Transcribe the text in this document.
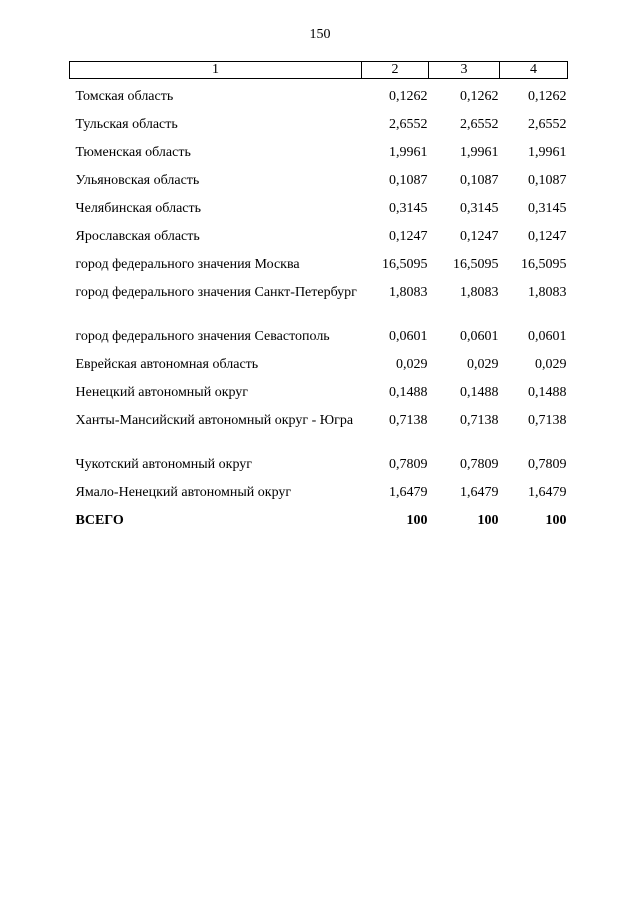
150
1	2	3	4
Томская область	0,1262	0,1262	0,1262
Тульская область	2,6552	2,6552	2,6552
Тюменская область	1,9961	1,9961	1,9961
Ульяновская область	0,1087	0,1087	0,1087
Челябинская область	0,3145	0,3145	0,3145
Ярославская область	0,1247	0,1247	0,1247
город федерального значения Москва	16,5095	16,5095	16,5095
город федерального значения Санкт-Петербург	1,8083	1,8083	1,8083
город федерального значения Севастополь	0,0601	0,0601	0,0601
Еврейская автономная область	0,029	0,029	0,029
Ненецкий автономный округ	0,1488	0,1488	0,1488
Ханты-Мансийский автономный округ - Югра	0,7138	0,7138	0,7138
Чукотский автономный округ	0,7809	0,7809	0,7809
Ямало-Ненецкий автономный округ	1,6479	1,6479	1,6479
ВСЕГО	100	100	100
